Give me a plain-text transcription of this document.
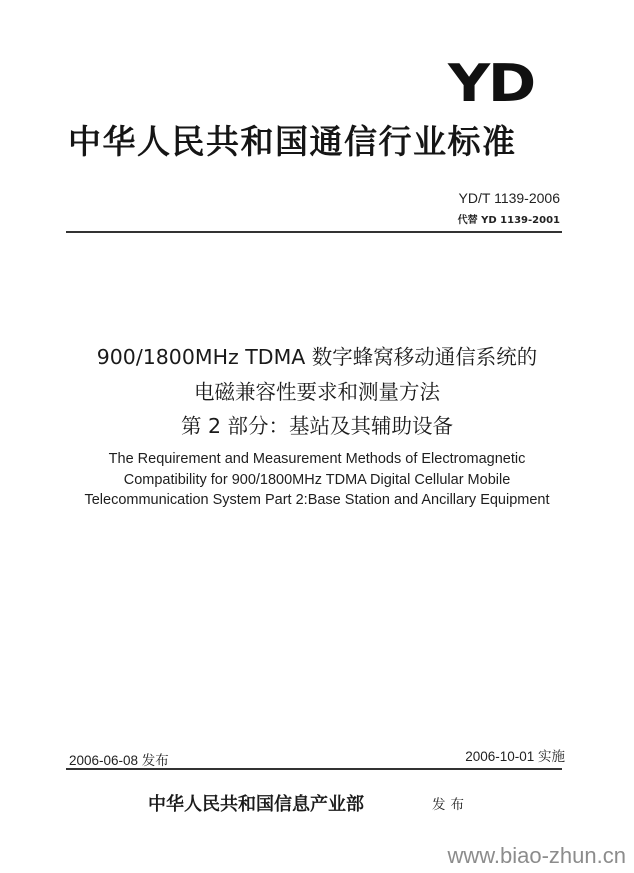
YD
中华人民共和国通信行业标准
YD/T 1139-2006
代替 YD 1139-2001
900/1800MHz TDMA 数字蜂窝移动通信系统的
电磁兼容性要求和测量方法
第 2 部分：基站及其辅助设备
The Requirement and Measurement Methods of Electromagnetic
Compatibility for 900/1800MHz TDMA Digital Cellular Mobile
Telecommunication System Part 2:Base Station and Ancillary Equipment
2006-06-08 发布	2006-10-01 实施
中华人民共和国信息产业部	发布
www.biao-zhun.cn
